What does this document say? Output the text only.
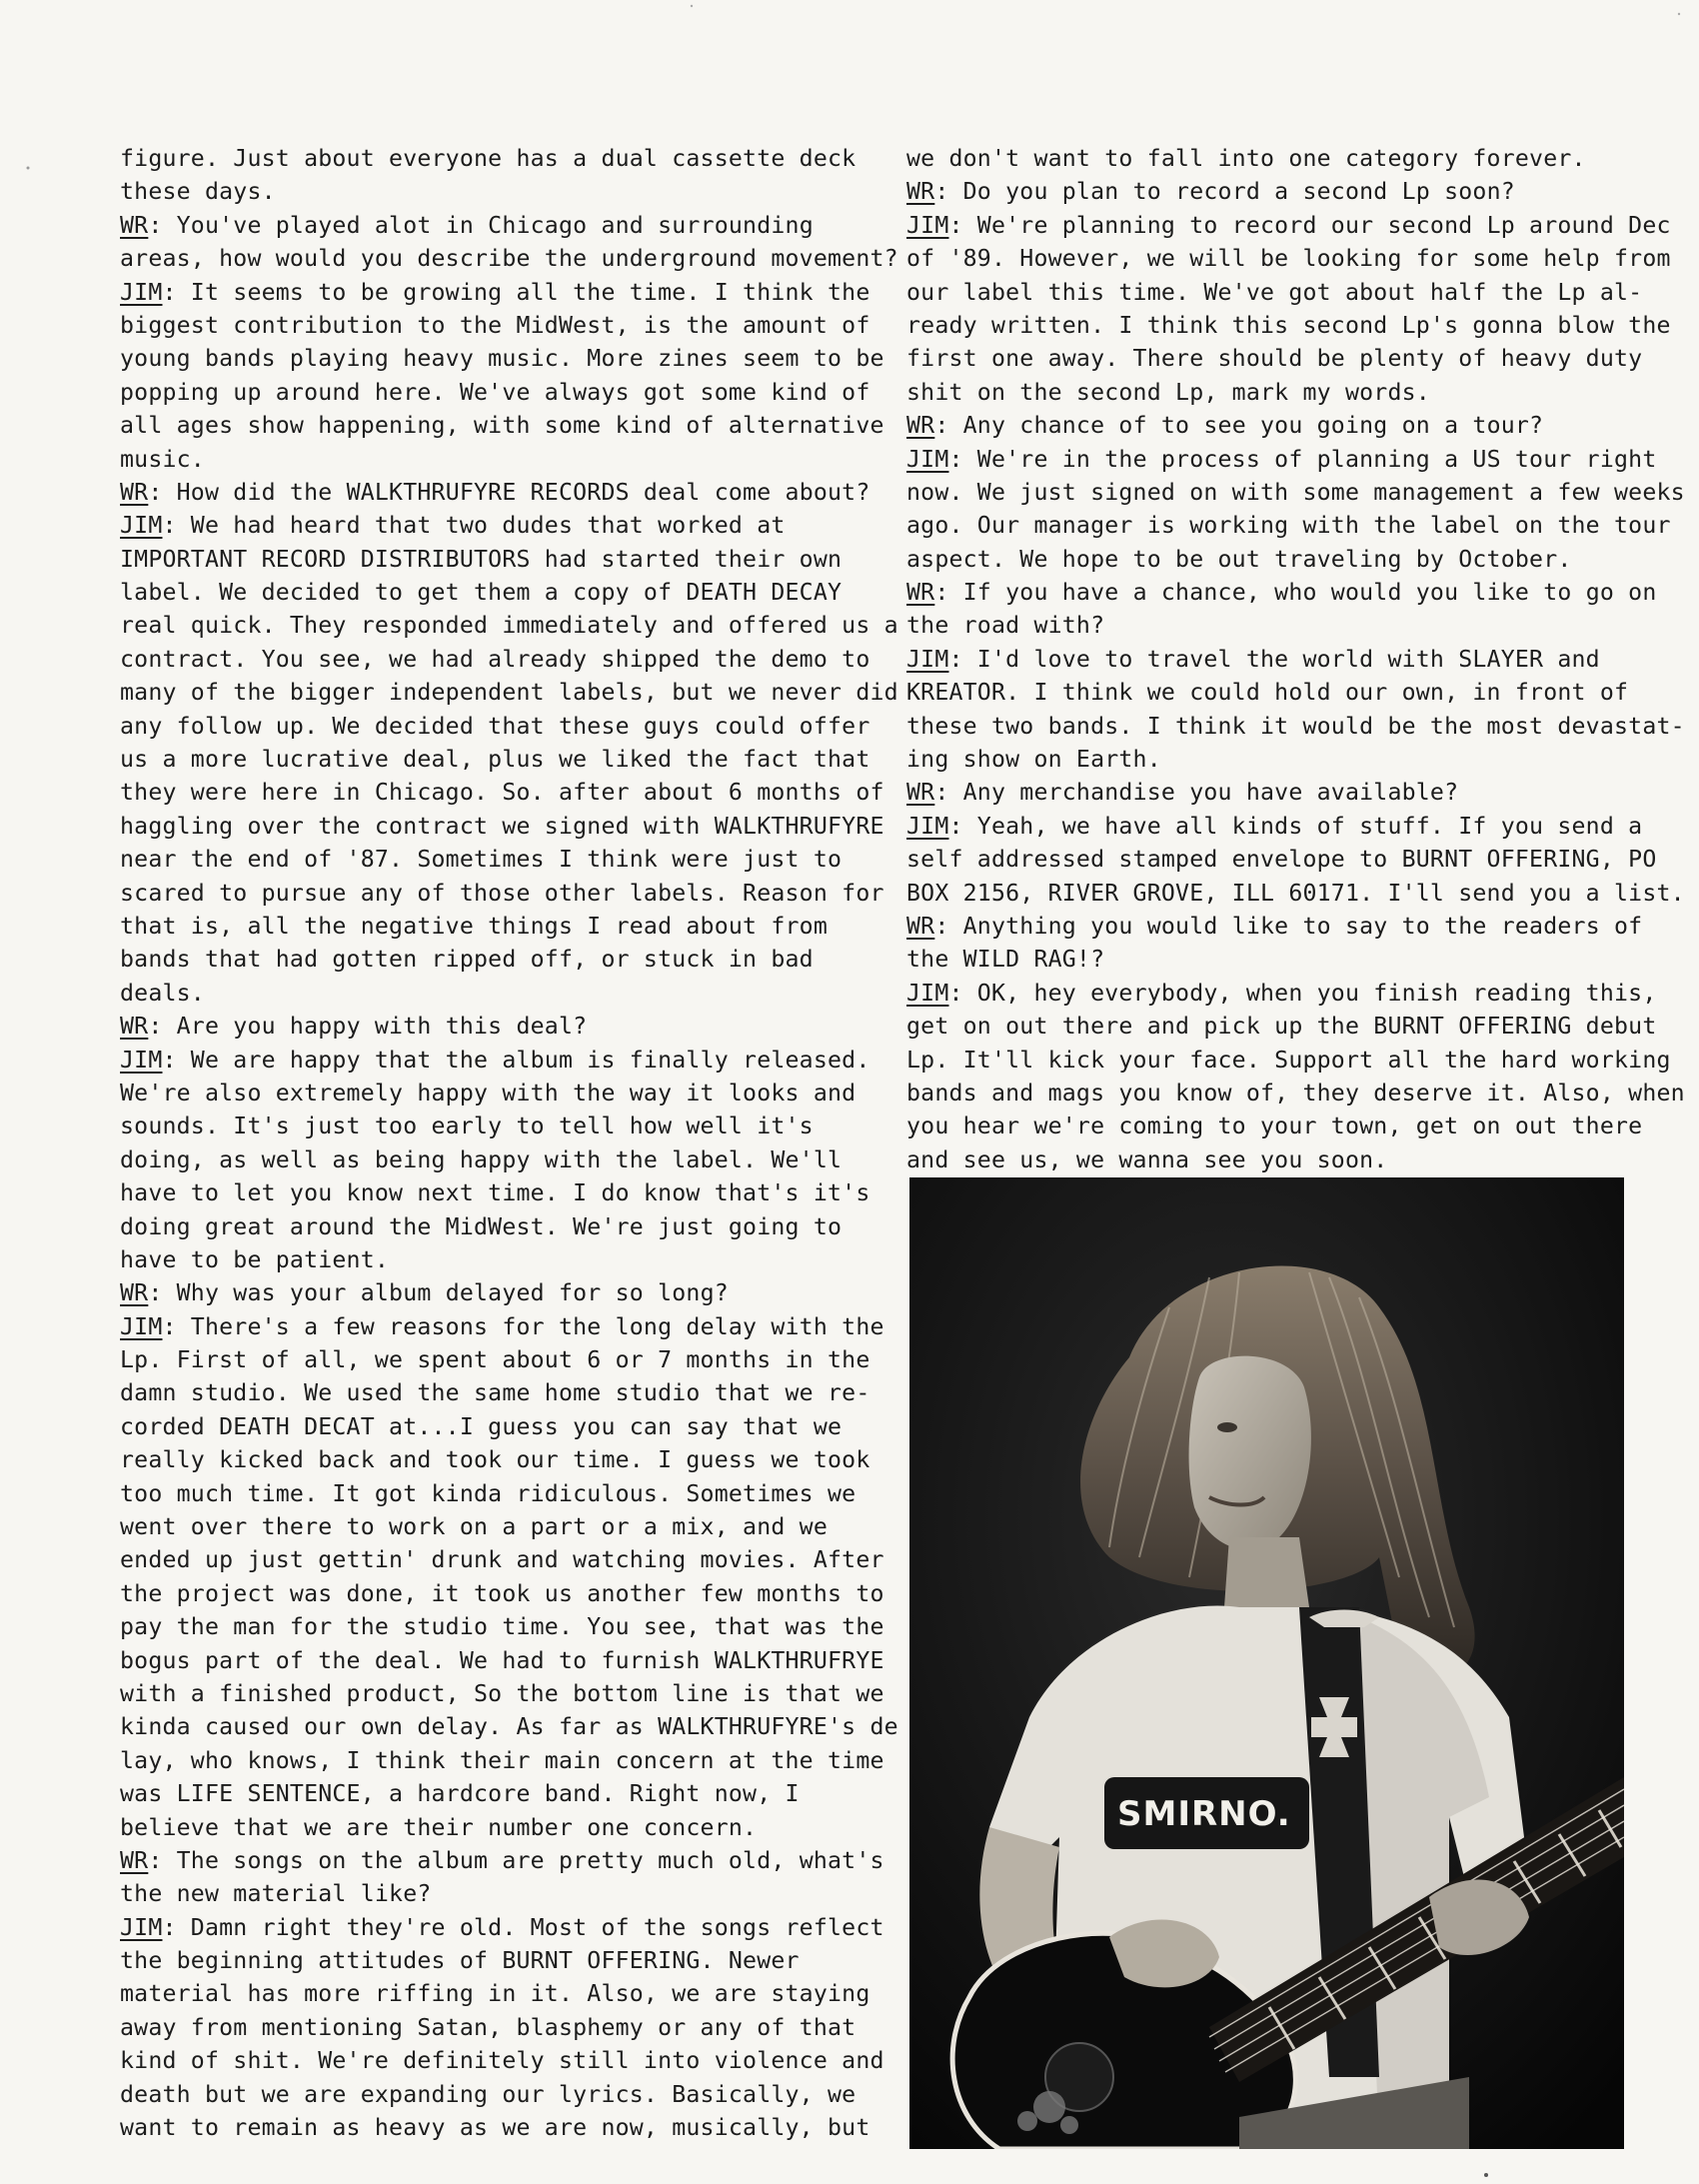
figure. Just about everyone has a dual cassette deck
these days.
WR: You've played alot in Chicago and surrounding
areas, how would you describe the underground movement?
JIM: It seems to be growing all the time. I think the
biggest contribution to the MidWest, is the amount of
young bands playing heavy music. More zines seem to be
popping up around here. We've always got some kind of
all ages show happening, with some kind of alternative
music.
WR: How did the WALKTHRUFYRE RECORDS deal come about?
JIM: We had heard that two dudes that worked at
IMPORTANT RECORD DISTRIBUTORS had started their own
label. We decided to get them a copy of DEATH DECAY
real quick. They responded immediately and offered us a
contract. You see, we had already shipped the demo to
many of the bigger independent labels, but we never did
any follow up. We decided that these guys could offer
us a more lucrative deal, plus we liked the fact that
they were here in Chicago. So. after about 6 months of
haggling over the contract we signed with WALKTHRUFYRE
near the end of '87. Sometimes I think were just to
scared to pursue any of those other labels. Reason for
that is, all the negative things I read about from
bands that had gotten ripped off, or stuck in bad
deals.
WR: Are you happy with this deal?
JIM: We are happy that the album is finally released.
We're also extremely happy with the way it looks and
sounds. It's just too early to tell how well it's
doing, as well as being happy with the label. We'll
have to let you know next time. I do know that's it's
doing great around the MidWest. We're just going to
have to be patient.
WR: Why was your album delayed for so long?
JIM: There's a few reasons for the long delay with the
Lp. First of all, we spent about 6 or 7 months in the
damn studio. We used the same home studio that we re-
corded DEATH DECAT at...I guess you can say that we
really kicked back and took our time. I guess we took
too much time. It got kinda ridiculous. Sometimes we
went over there to work on a part or a mix, and we
ended up just gettin' drunk and watching movies. After
the project was done, it took us another few months to
pay the man for the studio time. You see, that was the
bogus part of the deal. We had to furnish WALKTHRUFRYE
with a finished product, So the bottom line is that we
kinda caused our own delay. As far as WALKTHRUFYRE's de
lay, who knows, I think their main concern at the time
was LIFE SENTENCE, a hardcore band. Right now, I
believe that we are their number one concern.
WR: The songs on the album are pretty much old, what's
the new material like?
JIM: Damn right they're old. Most of the songs reflect
the beginning attitudes of BURNT OFFERING. Newer
material has more riffing in it. Also, we are staying
away from mentioning Satan, blasphemy or any of that
kind of shit. We're definitely still into violence and
death but we are expanding our lyrics. Basically, we
want to remain as heavy as we are now, musically, but
we don't want to fall into one category forever.
WR: Do you plan to record a second Lp soon?
JIM: We're planning to record our second Lp around Dec
of '89. However, we will be looking for some help from
our label this time. We've got about half the Lp al-
ready written. I think this second Lp's gonna blow the
first one away. There should be plenty of heavy duty
shit on the second Lp, mark my words.
WR: Any chance of to see you going on a tour?
JIM: We're in the process of planning a US tour right
now. We just signed on with some management a few weeks
ago. Our manager is working with the label on the tour
aspect. We hope to be out traveling by October.
WR: If you have a chance, who would you like to go on
the road with?
JIM: I'd love to travel the world with SLAYER and
KREATOR. I think we could hold our own, in front of
these two bands. I think it would be the most devastat-
ing show on Earth.
WR: Any merchandise you have available?
JIM: Yeah, we have all kinds of stuff. If you send a
self addressed stamped envelope to BURNT OFFERING, PO
BOX 2156, RIVER GROVE, ILL 60171. I'll send you a list.
WR: Anything you would like to say to the readers of
the WILD RAG!?
JIM: OK, hey everybody, when you finish reading this,
get on out there and pick up the BURNT OFFERING debut
Lp. It'll kick your face. Support all the hard working
bands and mags you know of, they deserve it. Also, when
you hear we're coming to your town, get on out there
and see us, we wanna see you soon.
SMIRNO.
